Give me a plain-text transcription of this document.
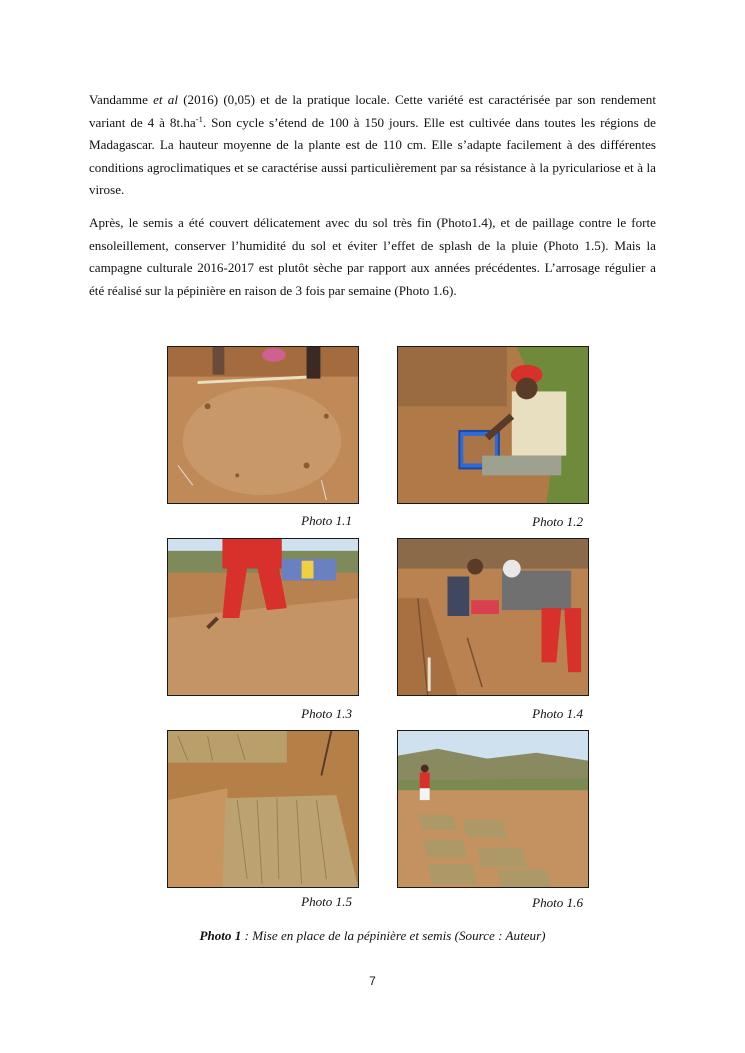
Vandamme et al (2016) (0,05) et de la pratique locale. Cette variété est caractérisée par son rendement variant de 4 à $8t.ha^{-1}$. Son cycle s’étend de 100 à 150 jours. Elle est cultivée dans toutes les régions de Madagascar. La hauteur moyenne de la plante est de 110 cm. Elle s’adapte facilement à des différentes conditions agroclimatiques et se caractérise aussi particulièrement par sa résistance à la pyriculariose et à la virose.

Après, le semis a été couvert délicatement avec du sol très fin (Photo1.4), et de paillage contre le forte ensoleillement, conserver l’humidité du sol et éviter l’effet de splash de la pluie (Photo 1.5). Mais la campagne culturale 2016-2017 est plutôt sèche par rapport aux années précédentes. L’arrosage régulier a été réalisé sur la pépinière en raison de 3 fois par semaine (Photo 1.6).

Photo 1.1	Photo 1.2
Photo 1.3	Photo 1.4
Photo 1.5	Photo 1.6
Photo 1 : Mise en place de la pépinière et semis (Source : Auteur)
7
